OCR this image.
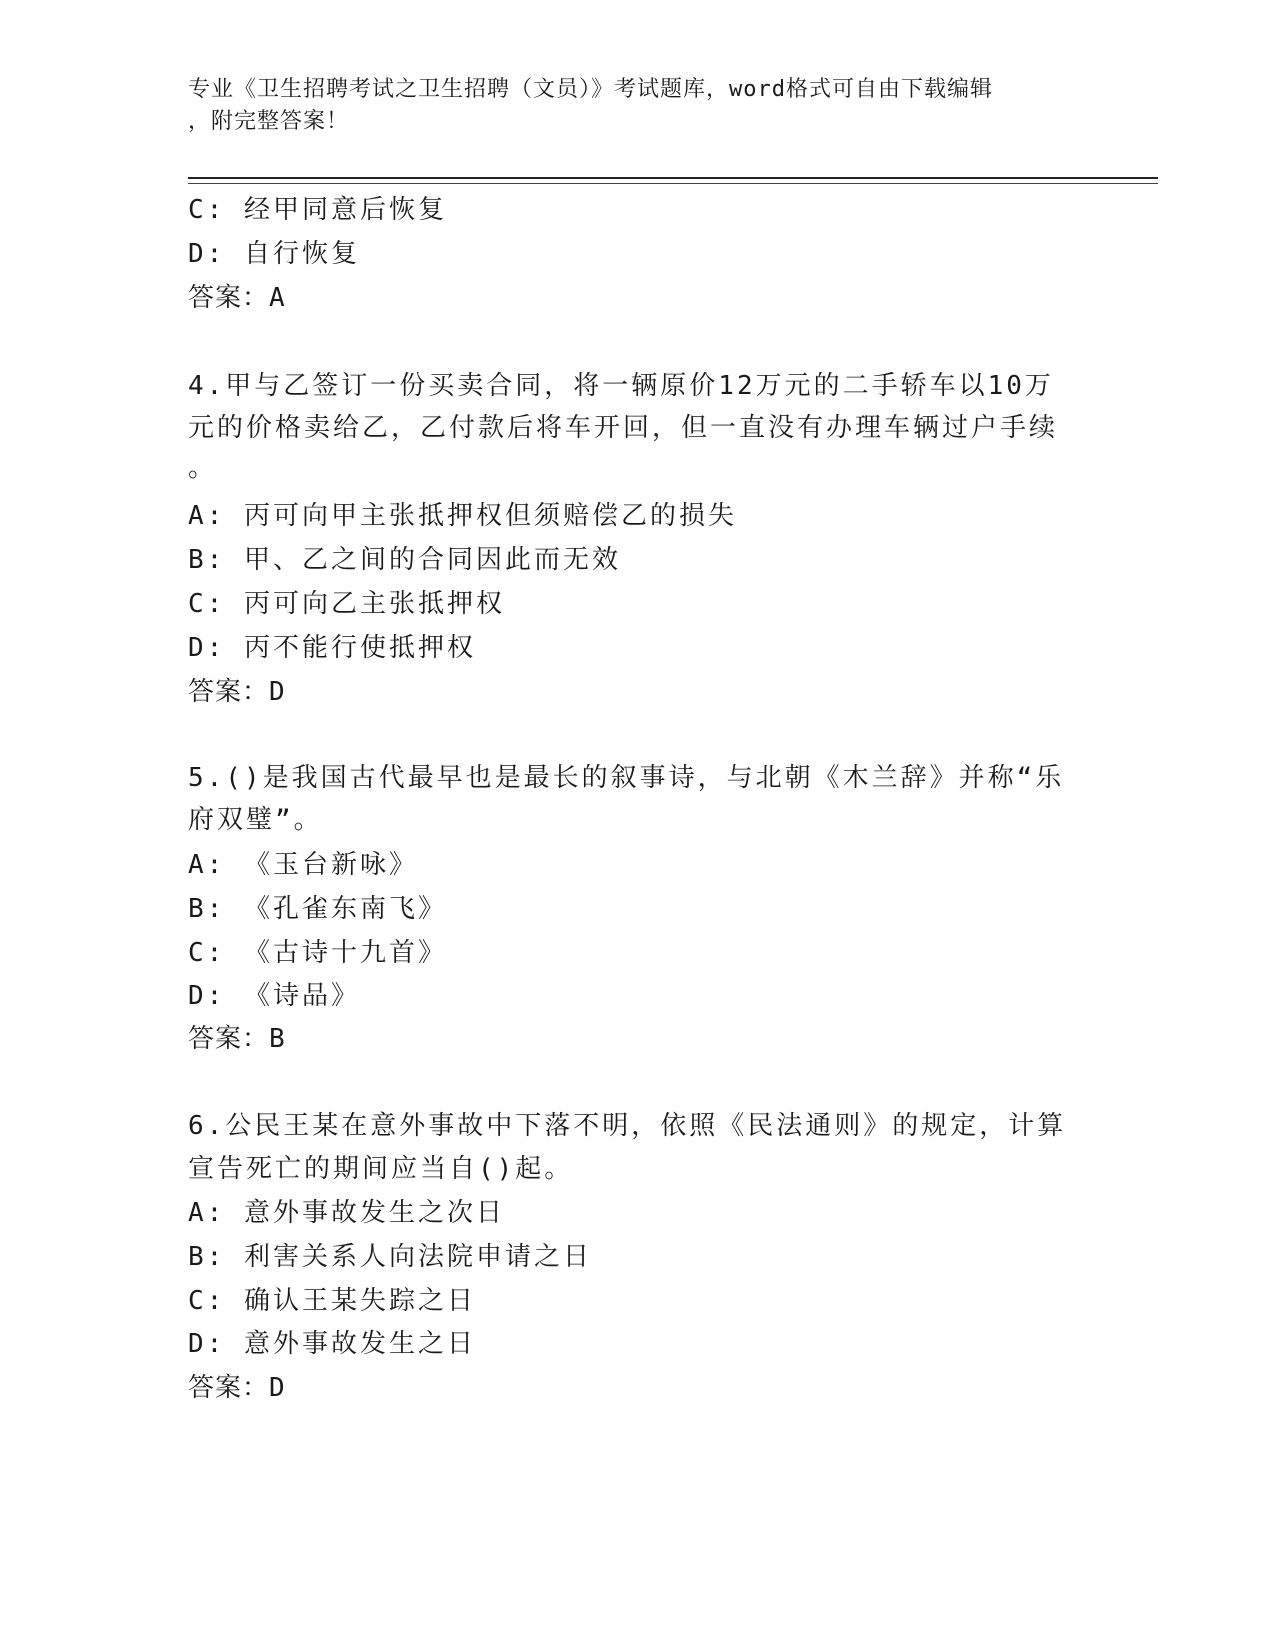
专业《卫生招聘考试之卫生招聘（文员）》考试题库，word格式可自由下载编辑
，附完整答案！
C: 经甲同意后恢复
D: 自行恢复
答案：A
4.甲与乙签订一份买卖合同，将一辆原价12万元的二手轿车以10万
元的价格卖给乙，乙付款后将车开回，但一直没有办理车辆过户手续
。
A: 丙可向甲主张抵押权但须赔偿乙的损失
B: 甲、乙之间的合同因此而无效
C: 丙可向乙主张抵押权
D: 丙不能行使抵押权
答案：D
5.()是我国古代最早也是最长的叙事诗，与北朝《木兰辞》并称“乐
府双璧”。
A: 《玉台新咏》
B: 《孔雀东南飞》
C: 《古诗十九首》
D: 《诗品》
答案：B
6.公民王某在意外事故中下落不明，依照《民法通则》的规定，计算
宣告死亡的期间应当自()起。
A: 意外事故发生之次日
B: 利害关系人向法院申请之日
C: 确认王某失踪之日
D: 意外事故发生之日
答案：D
